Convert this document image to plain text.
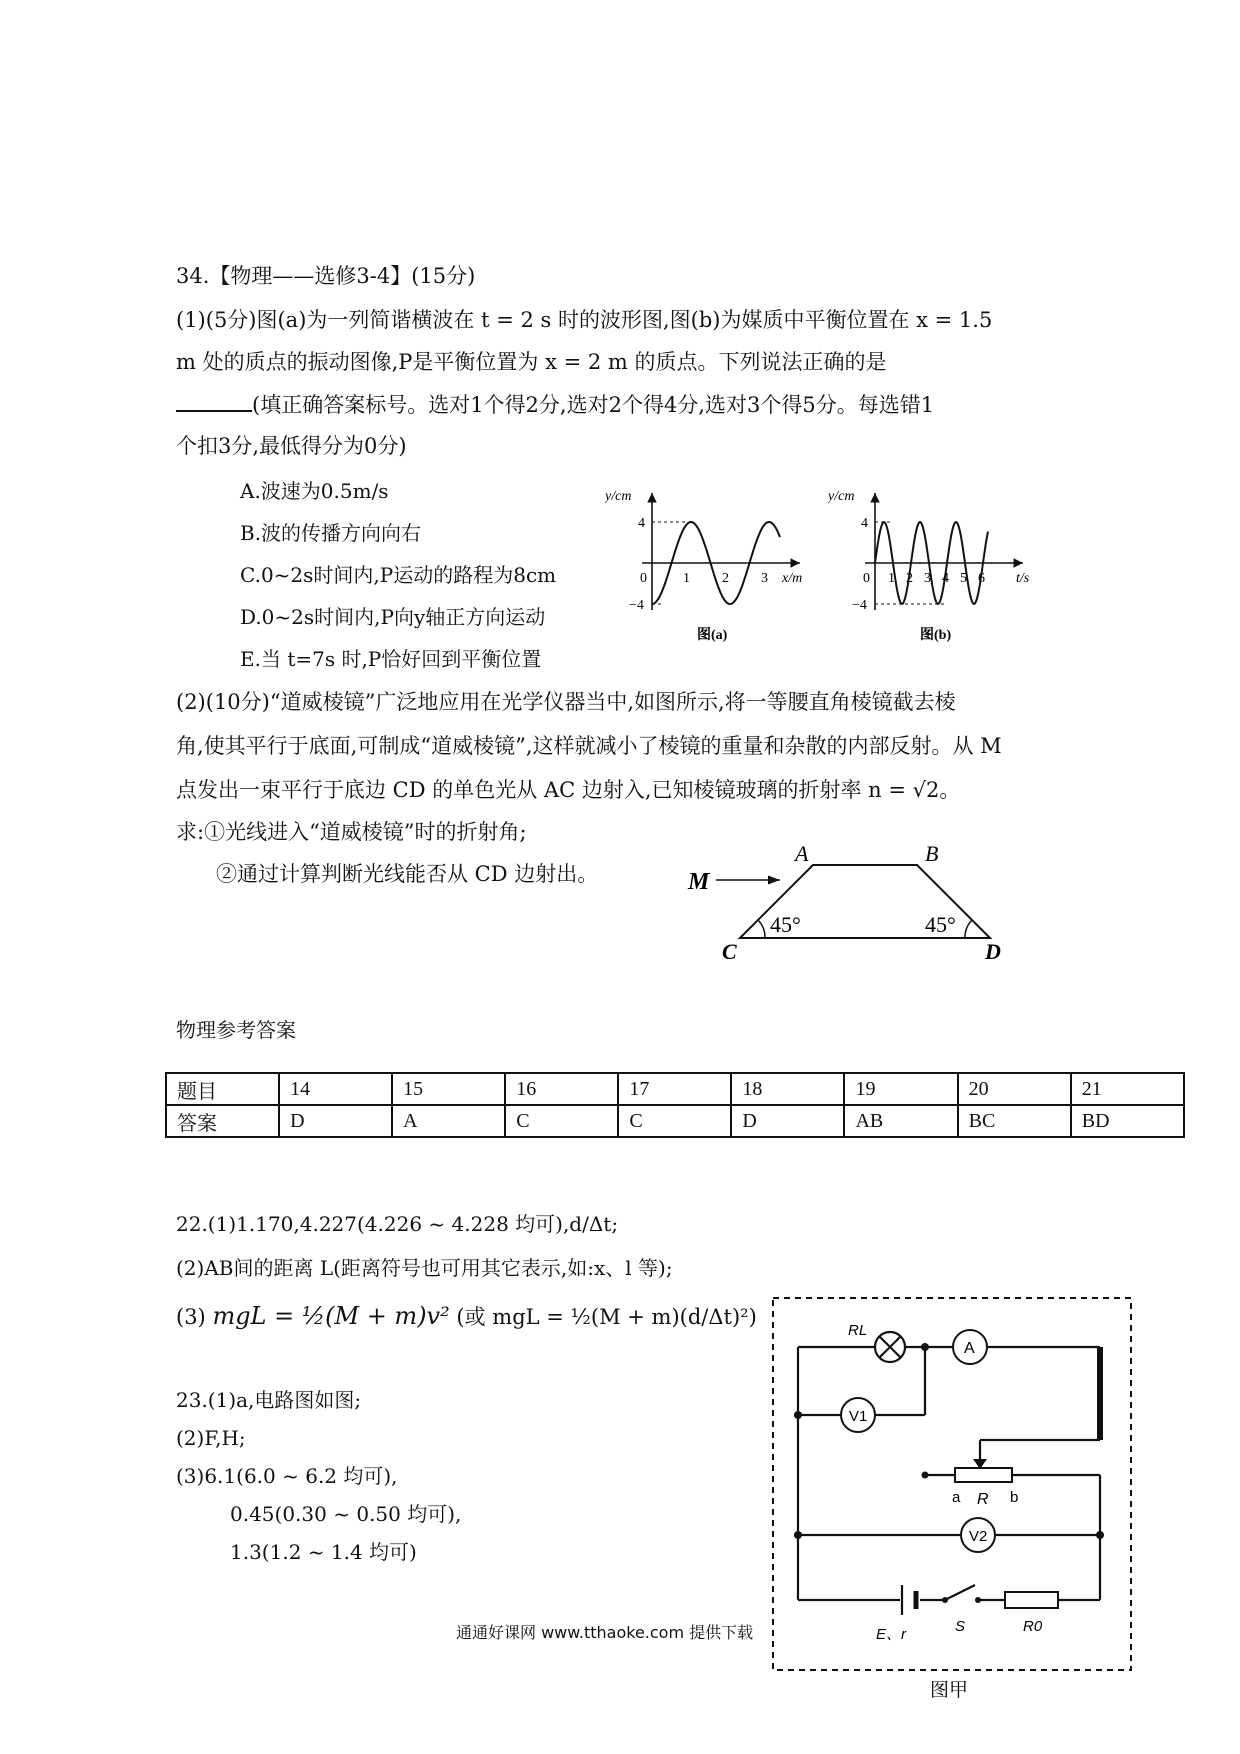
34.【物理——选修3-4】(15分)
(1)(5分)图(a)为一列简谐横波在 t = 2 s 时的波形图,图(b)为媒质中平衡位置在 x = 1.5
m 处的质点的振动图像,P是平衡位置为 x = 2 m 的质点。下列说法正确的是
(填正确答案标号。选对1个得2分,选对2个得4分,选对3个得5分。每选错1
个扣3分,最低得分为0分)
A.波速为0.5m/s
B.波的传播方向向右
C.0~2s时间内,P运动的路程为8cm
D.0~2s时间内,P向y轴正方向运动
E.当 t=7s 时,P恰好回到平衡位置
y/cm
x/m
4
−4
0	1 2 3
图(a)
y/cm
t/s
4
−4
0 1 2 3 4 5 6
图(b)
(2)(10分)“道威棱镜”广泛地应用在光学仪器当中,如图所示,将一等腰直角棱镜截去棱
角,使其平行于底面,可制成“道威棱镜”,这样就减小了棱镜的重量和杂散的内部反射。从 M
点发出一束平行于底边 CD 的单色光从 AC 边射入,已知棱镜玻璃的折射率 n = √2。
求:①光线进入“道威棱镜”时的折射角;
②通过计算判断光线能否从 CD 边射出。	M
A	B
C	D
45°	45°
物理参考答案
题目	14	15	16	17	18	19	20	21
答案	D	A	C	C	D	AB	BC	BD
22.(1)1.170,4.227(4.226 ~ 4.228 均可),d/Δt;
(2)AB间的距离 L(距离符号也可用其它表示,如:x、l 等);
(3) mgL = ½(M + m)v² (或 mgL = ½(M + m)(d/Δt)²)
23.(1)a,电路图如图;
(2)F,H;
(3)6.1(6.0 ~ 6.2 均可),
0.45(0.30 ~ 0.50 均可),
1.3(1.2 ~ 1.4 均可)
RL
A
V1
a R b
V2
E、r	S	R0
图甲
通通好课网 www.tthaoke.com 提供下载
